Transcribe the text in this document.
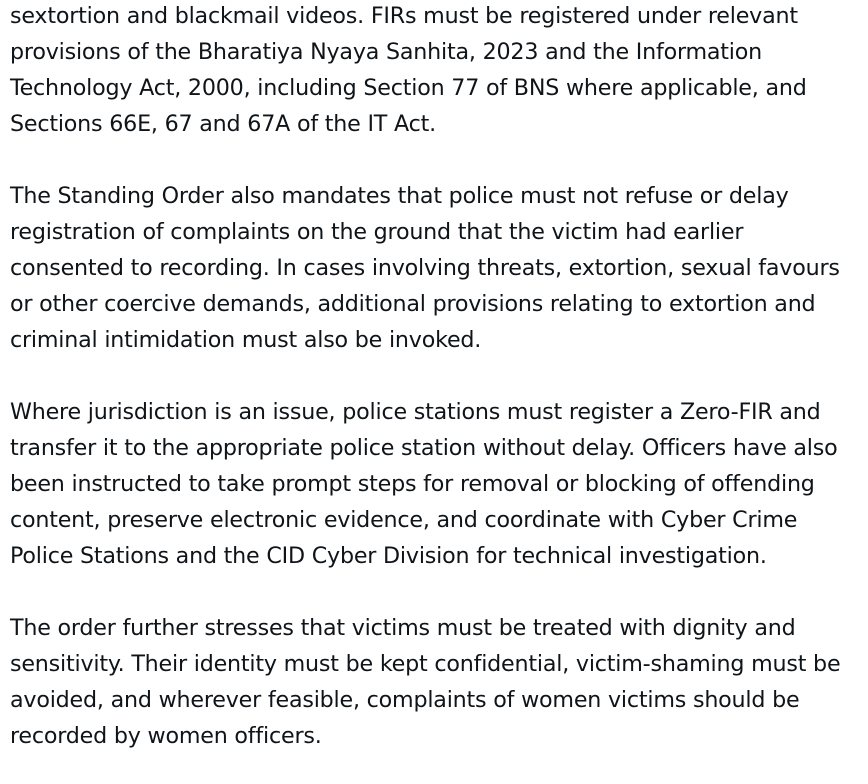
sextortion and blackmail videos. FIRs must be registered under relevant provisions of the Bharatiya Nyaya Sanhita, 2023 and the Information Technology Act, 2000, including Section 77 of BNS where applicable, and Sections 66E, 67 and 67A of the IT Act.

The Standing Order also mandates that police must not refuse or delay registration of complaints on the ground that the victim had earlier consented to recording. In cases involving threats, extortion, sexual favours or other coercive demands, additional provisions relating to extortion and criminal intimidation must also be invoked.

Where jurisdiction is an issue, police stations must register a Zero-FIR and transfer it to the appropriate police station without delay. Officers have also been instructed to take prompt steps for removal or blocking of offending content, preserve electronic evidence, and coordinate with Cyber Crime Police Stations and the CID Cyber Division for technical investigation.

The order further stresses that victims must be treated with dignity and sensitivity. Their identity must be kept confidential, victim-shaming must be avoided, and wherever feasible, complaints of women victims should be recorded by women officers.
